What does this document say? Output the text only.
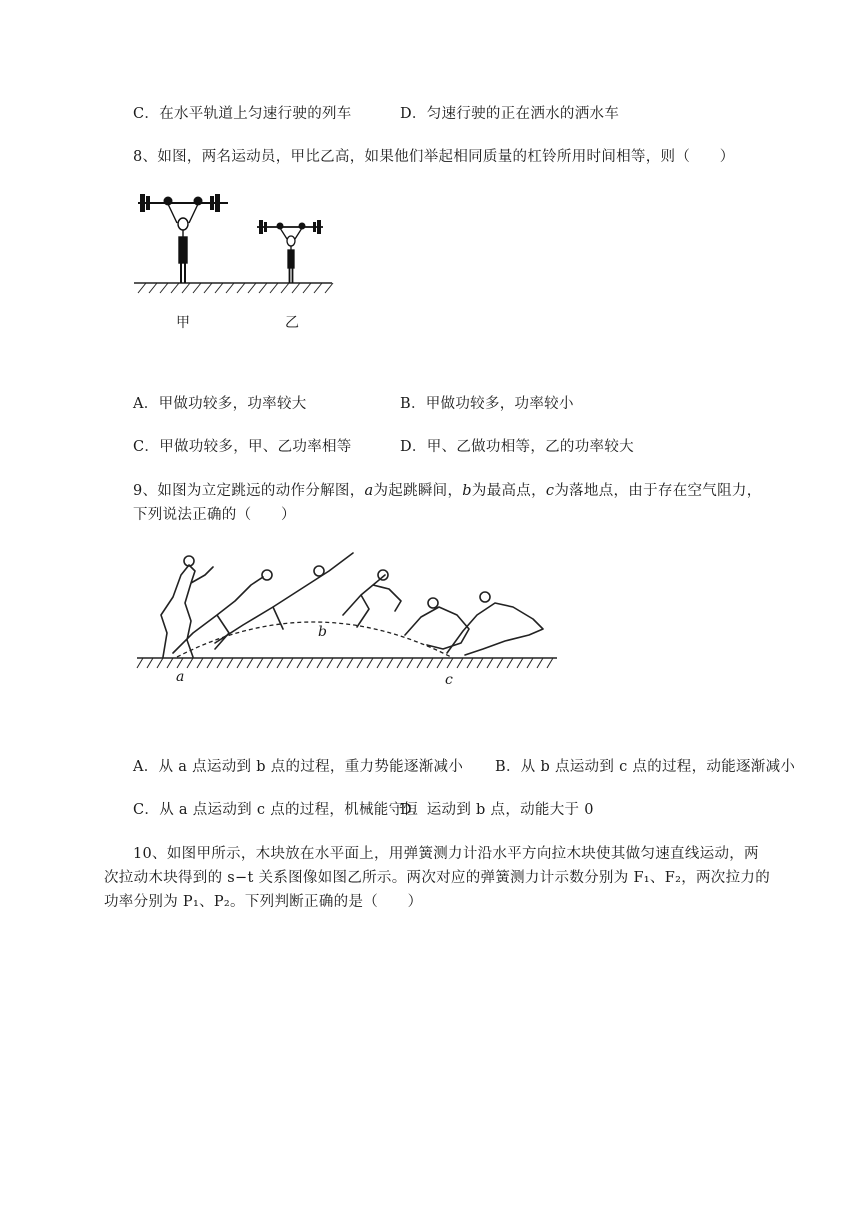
C．在水平轨道上匀速行驶的列车	D．匀速行驶的正在洒水的洒水车
8、如图，两名运动员，甲比乙高，如果他们举起相同质量的杠铃所用时间相等，则（　　）
甲	乙
A．甲做功较多，功率较大	B．甲做功较多，功率较小
C．甲做功较多，甲、乙功率相等	D．甲、乙做功相等，乙的功率较大
9、如图为立定跳远的动作分解图，a为起跳瞬间，b为最高点，c为落地点，由于存在空气阻力，
下列说法正确的（　　）
a
b
c
A．从 a 点运动到 b 点的过程，重力势能逐渐减小 B．从 b 点运动到 c 点的过程，动能逐渐减小
C．从 a 点运动到 c 点的过程，机械能守恒
D．运动到 b 点，动能大于 0
10、如图甲所示，木块放在水平面上，用弹簧测力计沿水平方向拉木块使其做匀速直线运动，两
次拉动木块得到的 s−t 关系图像如图乙所示。两次对应的弹簧测力计示数分别为 F₁、F₂，两次拉力的
功率分别为 P₁、P₂。下列判断正确的是（　　）
